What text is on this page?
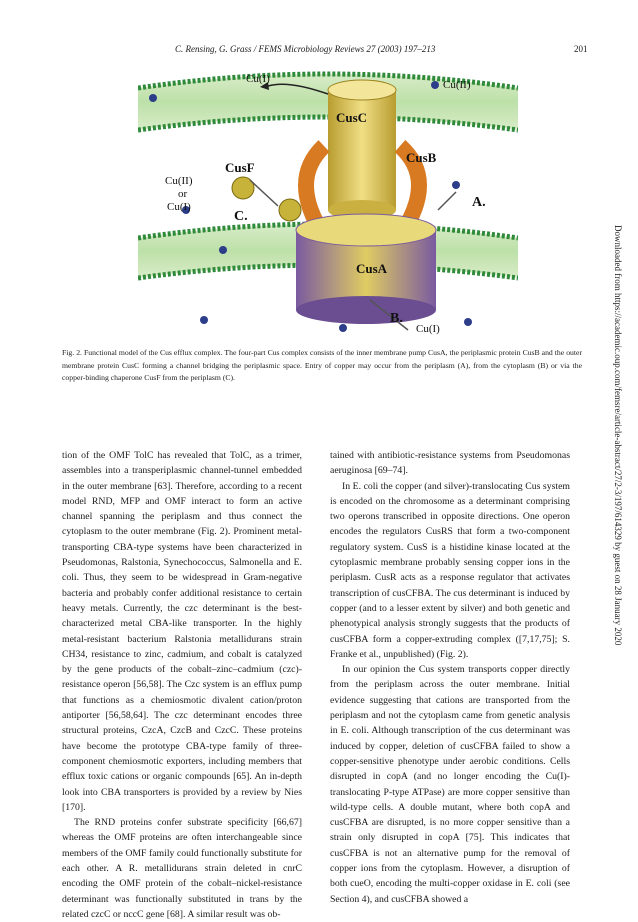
C. Rensing, G. Grass / FEMS Microbiology Reviews 27 (2003) 197–213	201
Downloaded from https://academic.oup.com/femsre/article-abstract/27/2-3/197/614329 by guest on 28 January 2020
Cu(I)	Cu(II)
CusC
CusF
CusB
Cu(II)
or
Cu(I)
C.
A.
CusA
B.
Cu(I)
Fig. 2. Functional model of the Cus efflux complex. The four-part Cus complex consists of the inner membrane pump CusA, the periplasmic protein CusB and the outer membrane protein CusC forming a channel bridging the periplasmic space. Entry of copper may occur from the periplasm (A), from the cytoplasm (B) or via the copper-binding chaperone CusF from the periplasm (C).

tion of the OMF TolC has revealed that TolC, as a trimer, assembles into a transperiplasmic channel-tunnel embedded in the outer membrane [63]. Therefore, according to a recent model RND, MFP and OMF interact to form an active channel spanning the periplasm and thus connect the cytoplasm to the outer membrane (Fig. 2). Prominent metal-transporting CBA-type systems have been characterized in Pseudomonas, Ralstonia, Synechococcus, Salmonella and E. coli. Thus, they seem to be widespread in Gram-negative bacteria and probably confer additional resistance to certain heavy metals. Currently, the czc determinant is the best-characterized metal CBA-like transporter. In the highly metal-resistant bacterium Ralstonia metallidurans strain CH34, resistance to zinc, cadmium, and cobalt is catalyzed by the gene products of the cobalt–zinc–cadmium (czc)-resistance operon [56,58]. The Czc system is an efflux pump that functions as a chemiosmotic divalent cation/proton antiporter [56,58,64]. The czc determinant encodes three structural proteins, CzcA, CzcB and CzcC. These proteins have become the prototype CBA-type family of three-component chemiosmotic exporters, including members that efflux toxic cations or organic compounds [65]. An in-depth look into CBA transporters is provided by a review by Nies [170].

The RND proteins confer substrate specificity [66,67] whereas the OMF proteins are often interchangeable since members of the OMF family could functionally substitute for each other. A R. metallidurans strain deleted in cnrC encoding the OMF protein of the cobalt–nickel-resistance determinant was functionally substituted in trans by the related czcC or nccC gene [68]. A similar result was ob-

tained with antibiotic-resistance systems from Pseudomonas aeruginosa [69–74].

In E. coli the copper (and silver)-translocating Cus system is encoded on the chromosome as a determinant comprising two operons transcribed in opposite directions. One operon encodes the regulators CusRS that form a two-component regulatory system. CusS is a histidine kinase located at the cytoplasmic membrane probably sensing copper ions in the periplasm. CusR acts as a response regulator that activates transcription of cusCFBA. The cus determinant is induced by copper (and to a lesser extent by silver) and both genetic and phenotypical analysis strongly suggests that the products of cusCFBA form a copper-extruding complex ([7,17,75]; S. Franke et al., unpublished) (Fig. 2).

In our opinion the Cus system transports copper directly from the periplasm across the outer membrane. Initial evidence suggesting that cations are transported from the periplasm and not the cytoplasm came from genetic analysis in E. coli. Although transcription of the cus determinant was induced by copper, deletion of cusCFBA failed to show a copper-sensitive phenotype under aerobic conditions. Cells disrupted in copA (and no longer encoding the Cu(I)-translocating P-type ATPase) are more copper sensitive than wild-type cells. A double mutant, where both copA and cusCFBA are disrupted, is no more copper sensitive than a strain only disrupted in copA [75]. This indicates that cusCFBA is not an alternative pump for the removal of copper ions from the cytoplasm. However, a disruption of both cueO, encoding the multi-copper oxidase in E. coli (see Section 4), and cusCFBA showed a
